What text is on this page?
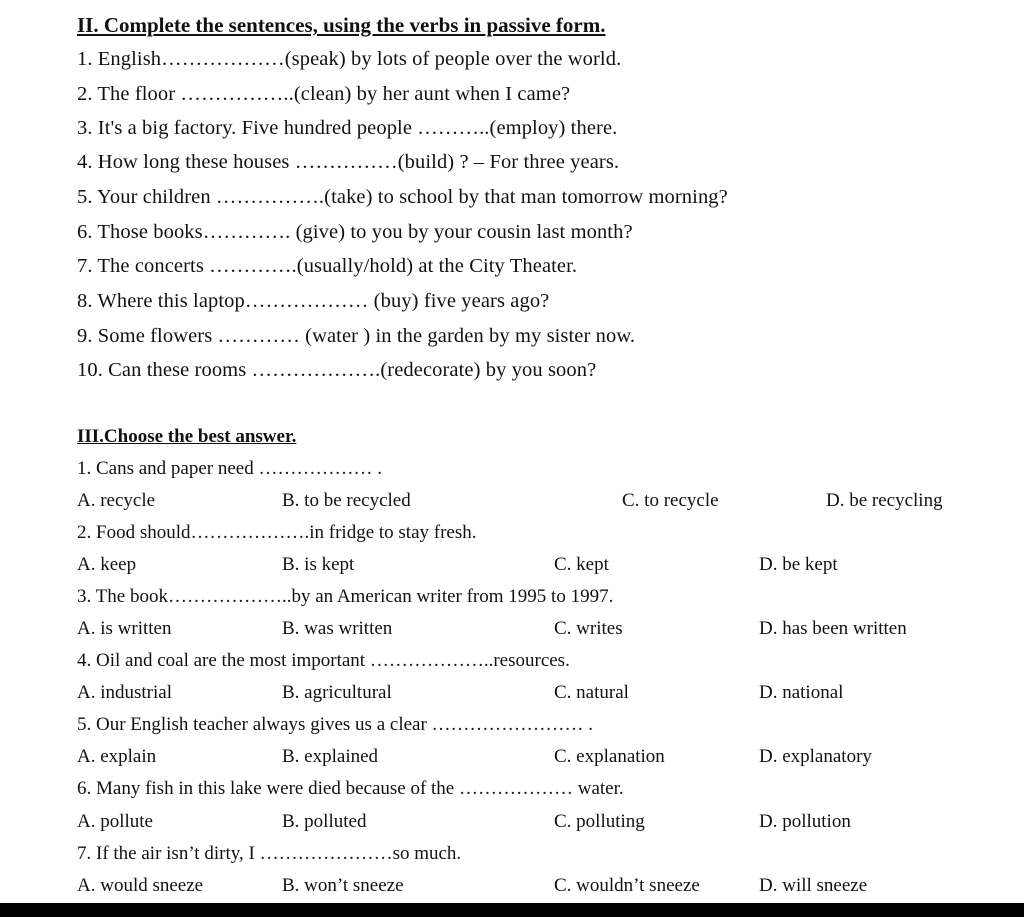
II. Complete the sentences, using the verbs in passive form.
1. English………………(speak) by lots of people over the world.
2. The floor ……………..(clean) by her aunt when I came?
3. It's a big factory. Five hundred people ………..(employ) there.
4. How long these houses ……………(build) ? – For three years.
5. Your children …………….(take) to school by that man tomorrow morning?
6. Those books…………. (give) to you by your cousin last month?
7. The concerts ………….(usually/hold) at the City Theater.
8. Where this laptop……………… (buy) five years ago?
9. Some flowers ………… (water ) in the garden by my sister now.
10. Can these rooms ……………….(redecorate) by you soon?
III.Choose the best answer.
1. Cans and paper need ……………… .
A. recycle	B. to be recycled	C. to recycle	D. be recycling
2. Food should……………….in fridge to stay fresh.
A. keep	B. is kept	C. kept	D. be kept
3. The book………………..by an American writer from 1995 to 1997.
A. is written	B. was written	C. writes	D. has been written
4. Oil and coal are the most important ………………..resources.
A. industrial	B. agricultural	C. natural	D. national
5. Our English teacher always gives us a clear …………………… .
A. explain	B. explained	C. explanation	D. explanatory
6. Many fish in this lake were died because of the ……………… water.
A. pollute	B. polluted	C. polluting	D. pollution
7. If the air isn’t dirty, I …………………so much.
A. would sneeze	B. won’t sneeze	C. wouldn’t sneeze	D. will sneeze
